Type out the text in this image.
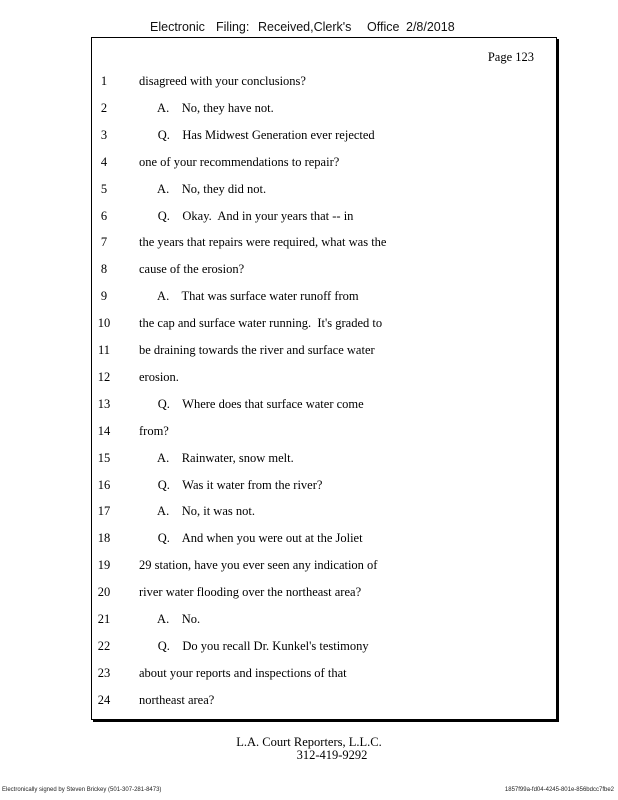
Electronic Filing: Received,Clerk's Office 2/8/2018
Page 123
1	disagreed with your conclusions?
2	A.    No, they have not.
3	Q.    Has Midwest Generation ever rejected
4	one of your recommendations to repair?
5	A.    No, they did not.
6	Q.    Okay.  And in your years that -- in
7	the years that repairs were required, what was the
8	cause of the erosion?
9	A.    That was surface water runoff from
10	the cap and surface water running.  It's graded to
11	be draining towards the river and surface water
12	erosion.
13	Q.    Where does that surface water come
14	from?
15	A.    Rainwater, snow melt.
16	Q.    Was it water from the river?
17	A.    No, it was not.
18	Q.    And when you were out at the Joliet
19	29 station, have you ever seen any indication of
20	river water flooding over the northeast area?
21	A.    No.
22	Q.    Do you recall Dr. Kunkel's testimony
23	about your reports and inspections of that
24	northeast area?
L.A. Court Reporters, L.L.C.
312-419-9292
Electronically signed by Steven Brickey (501-307-281-8473)	1857f99a-fd04-4245-801e-856bdcc7fbe2
